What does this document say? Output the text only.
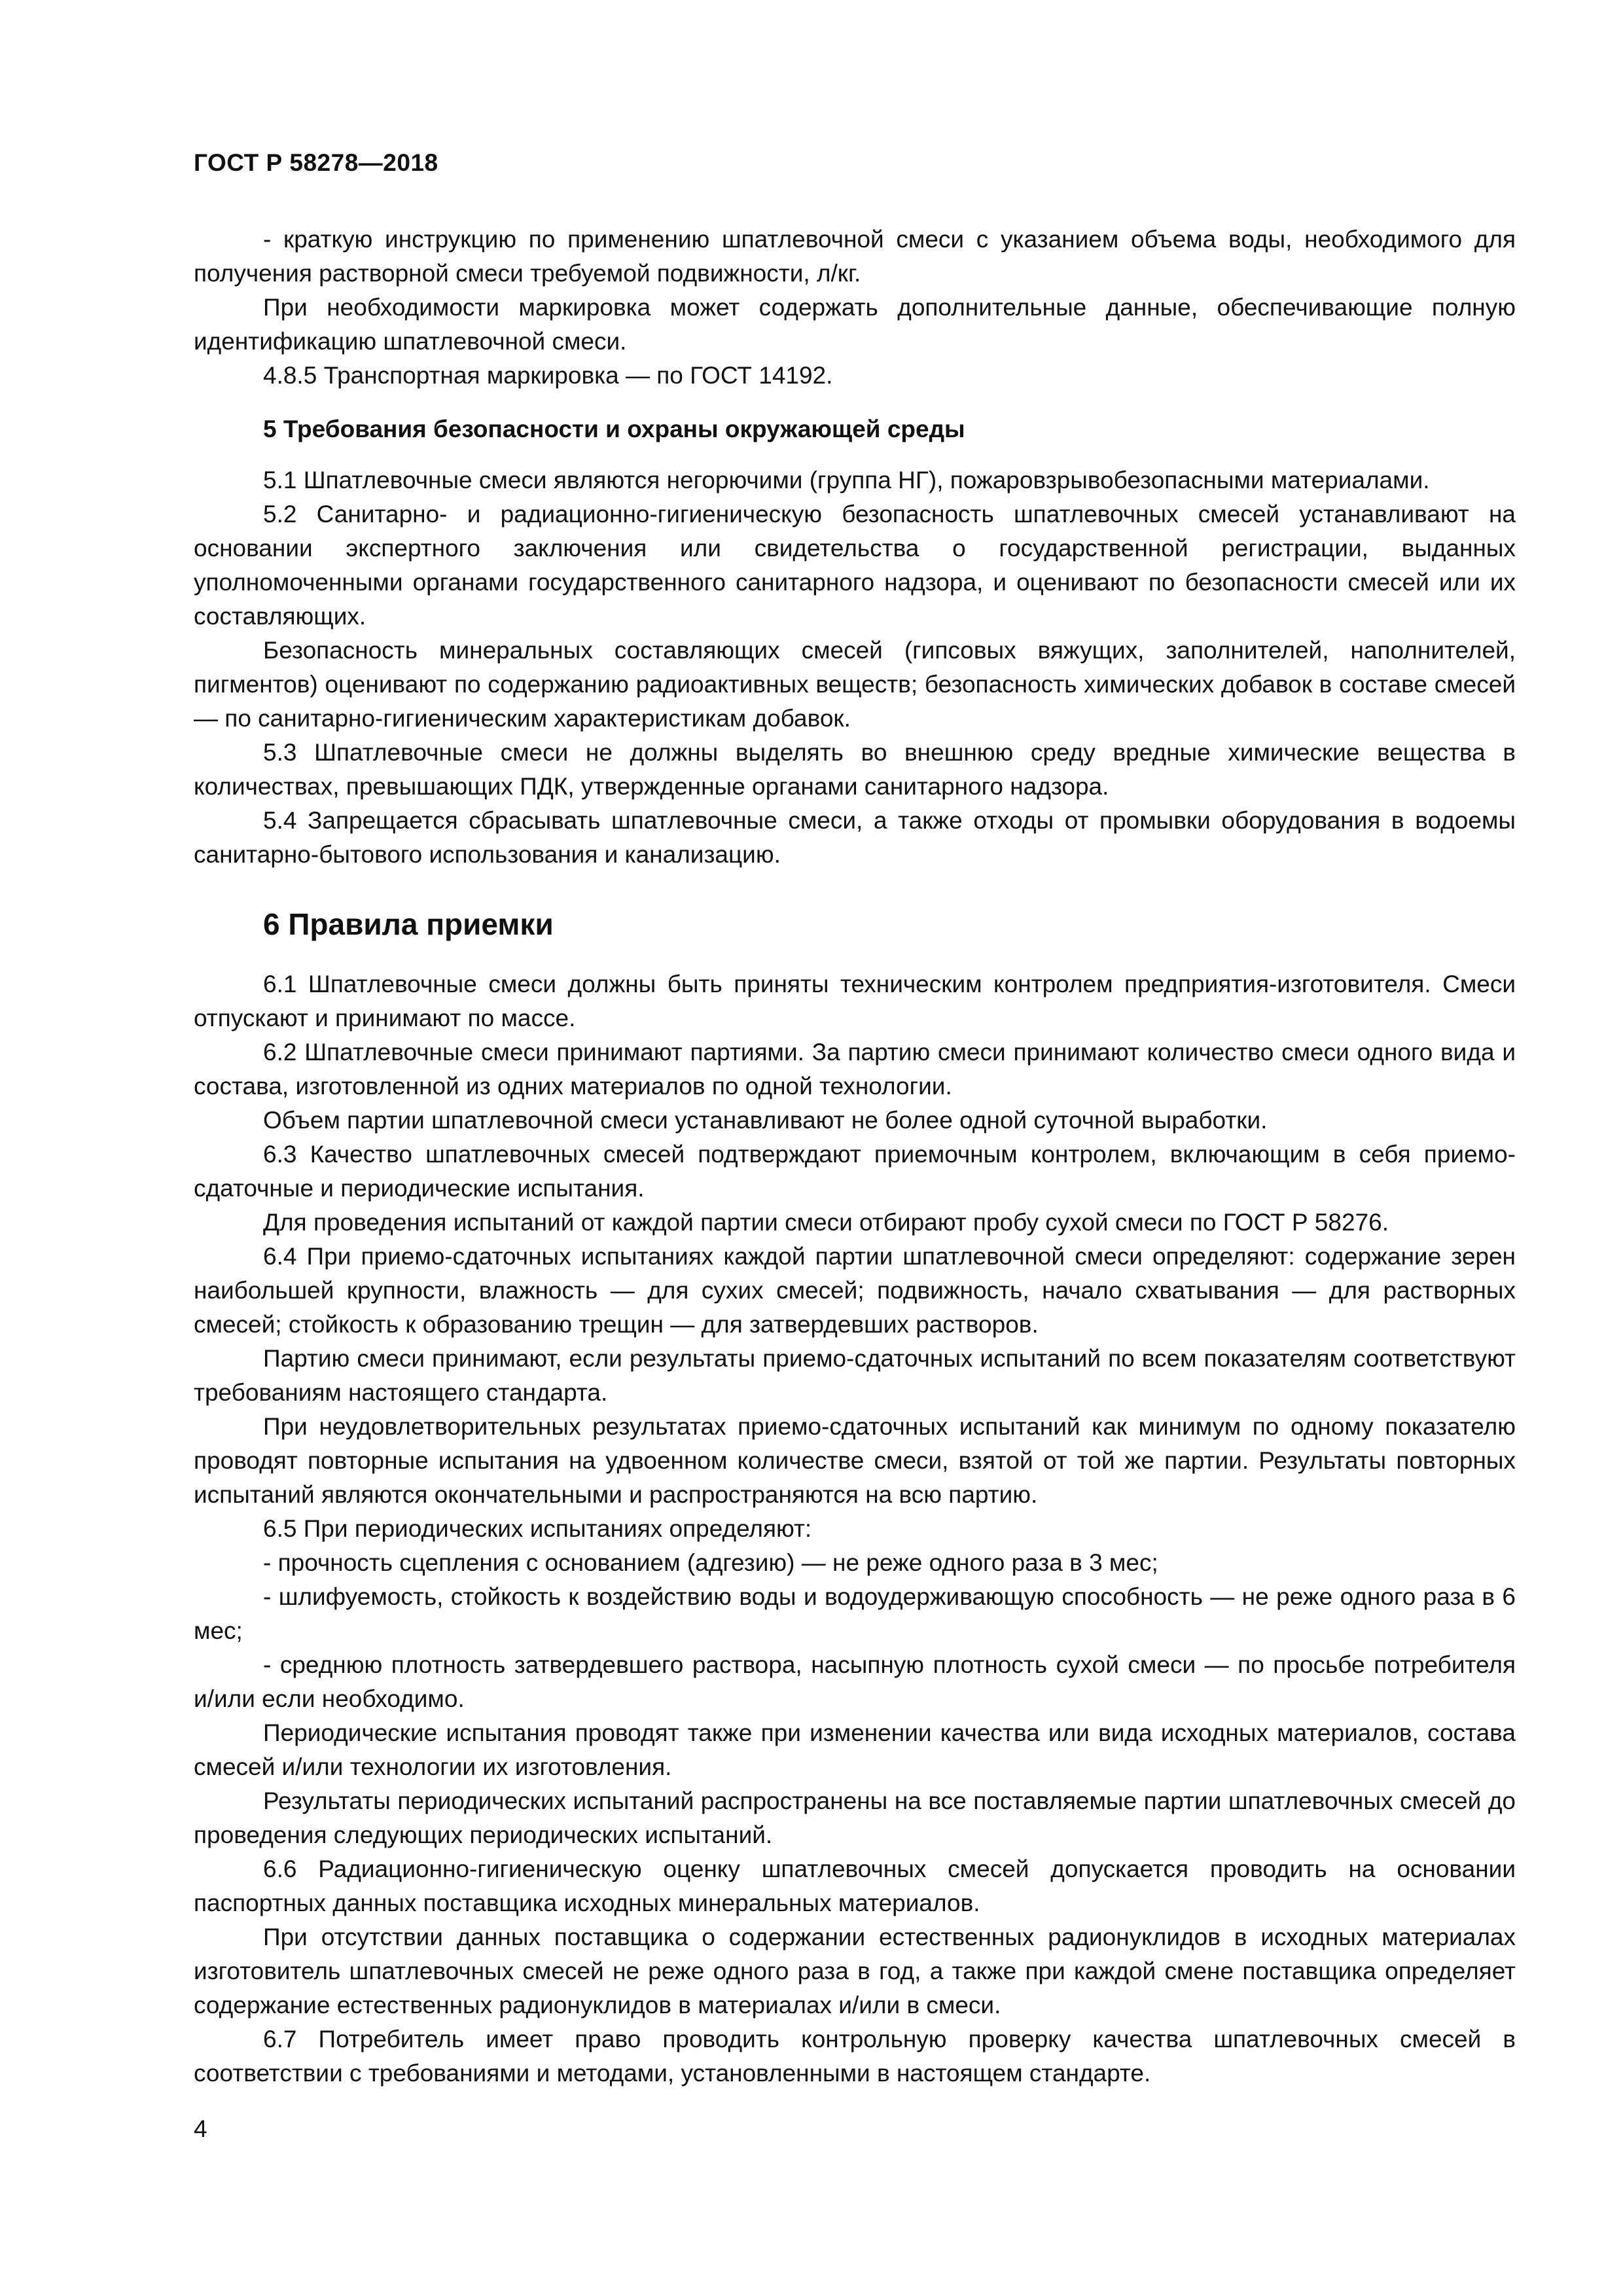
ГОСТ Р 58278—2018

- краткую инструкцию по применению шпатлевочной смеси с указанием объема воды, необходимого для получения растворной смеси требуемой подвижности, л/кг.

При необходимости маркировка может содержать дополнительные данные, обеспечивающие полную идентификацию шпатлевочной смеси.

4.8.5 Транспортная маркировка — по ГОСТ 14192.

5 Требования безопасности и охраны окружающей среды

5.1 Шпатлевочные смеси являются негорючими (группа НГ), пожаровзрывобезопасными материалами.

5.2 Санитарно- и радиационно-гигиеническую безопасность шпатлевочных смесей устанавливают на основании экспертного заключения или свидетельства о государственной регистрации, выданных уполномоченными органами государственного санитарного надзора, и оценивают по безопасности смесей или их составляющих.

Безопасность минеральных составляющих смесей (гипсовых вяжущих, заполнителей, наполнителей, пигментов) оценивают по содержанию радиоактивных веществ; безопасность химических добавок в составе смесей — по санитарно-гигиеническим характеристикам добавок.

5.3 Шпатлевочные смеси не должны выделять во внешнюю среду вредные химические вещества в количествах, превышающих ПДК, утвержденные органами санитарного надзора.

5.4 Запрещается сбрасывать шпатлевочные смеси, а также отходы от промывки оборудования в водоемы санитарно-бытового использования и канализацию.

6 Правила приемки

6.1 Шпатлевочные смеси должны быть приняты техническим контролем предприятия-изготовителя. Смеси отпускают и принимают по массе.

6.2 Шпатлевочные смеси принимают партиями. За партию смеси принимают количество смеси одного вида и состава, изготовленной из одних материалов по одной технологии.

Объем партии шпатлевочной смеси устанавливают не более одной суточной выработки.

6.3 Качество шпатлевочных смесей подтверждают приемочным контролем, включающим в себя приемо-сдаточные и периодические испытания.

Для проведения испытаний от каждой партии смеси отбирают пробу сухой смеси по ГОСТ Р 58276.

6.4 При приемо-сдаточных испытаниях каждой партии шпатлевочной смеси определяют: содержание зерен наибольшей крупности, влажность — для сухих смесей; подвижность, начало схватывания — для растворных смесей; стойкость к образованию трещин — для затвердевших растворов.

Партию смеси принимают, если результаты приемо-сдаточных испытаний по всем показателям соответствуют требованиям настоящего стандарта.

При неудовлетворительных результатах приемо-сдаточных испытаний как минимум по одному показателю проводят повторные испытания на удвоенном количестве смеси, взятой от той же партии. Результаты повторных испытаний являются окончательными и распространяются на всю партию.

6.5 При периодических испытаниях определяют:

- прочность сцепления с основанием (адгезию) — не реже одного раза в 3 мес;

- шлифуемость, стойкость к воздействию воды и водоудерживающую способность — не реже одного раза в 6 мес;

- среднюю плотность затвердевшего раствора, насыпную плотность сухой смеси — по просьбе потребителя и/или если необходимо.

Периодические испытания проводят также при изменении качества или вида исходных материалов, состава смесей и/или технологии их изготовления.

Результаты периодических испытаний распространены на все поставляемые партии шпатлевочных смесей до проведения следующих периодических испытаний.

6.6 Радиационно-гигиеническую оценку шпатлевочных смесей допускается проводить на основании паспортных данных поставщика исходных минеральных материалов.

При отсутствии данных поставщика о содержании естественных радионуклидов в исходных материалах изготовитель шпатлевочных смесей не реже одного раза в год, а также при каждой смене поставщика определяет содержание естественных радионуклидов в материалах и/или в смеси.

6.7 Потребитель имеет право проводить контрольную проверку качества шпатлевочных смесей в соответствии с требованиями и методами, установленными в настоящем стандарте.

4
